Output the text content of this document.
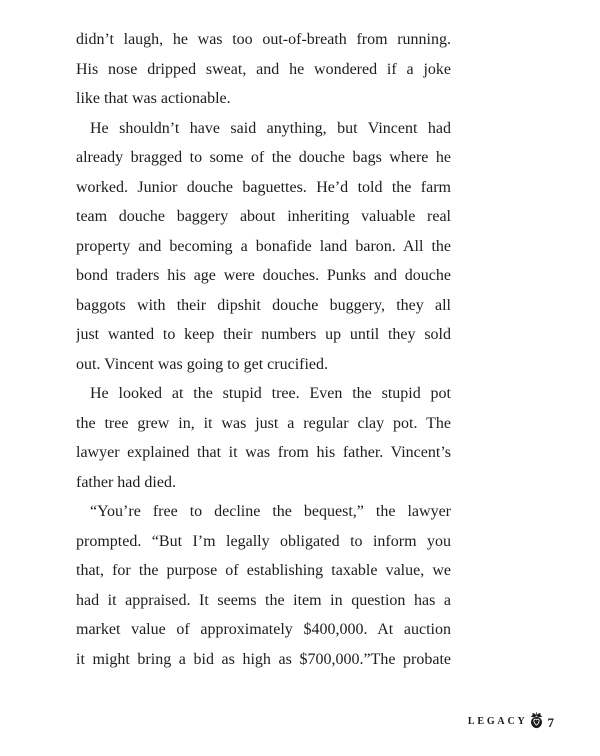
didn’t laugh, he was too out-of-breath from running.
His nose dripped sweat, and he wondered if a joke
like that was actionable.
He shouldn’t have said anything, but Vincent had
already bragged to some of the douche bags where he
worked. Junior douche baguettes. He’d told the farm
team douche baggery about inheriting valuable real
property and becoming a bonafide land baron. All the
bond traders his age were douches. Punks and douche
baggots with their dipshit douche buggery, they all
just wanted to keep their numbers up until they sold
out. Vincent was going to get crucified.
He looked at the stupid tree. Even the stupid pot
the tree grew in, it was just a regular clay pot. The
lawyer explained that it was from his father. Vincent’s
father had died.
“You’re free to decline the bequest,” the lawyer
prompted. “But I’m legally obligated to inform you
that, for the purpose of establishing taxable value, we
had it appraised. It seems the item in question has a
market value of approximately $400,000. At auction
it might bring a bid as high as $700,000.”The probate
LEGACY 7
